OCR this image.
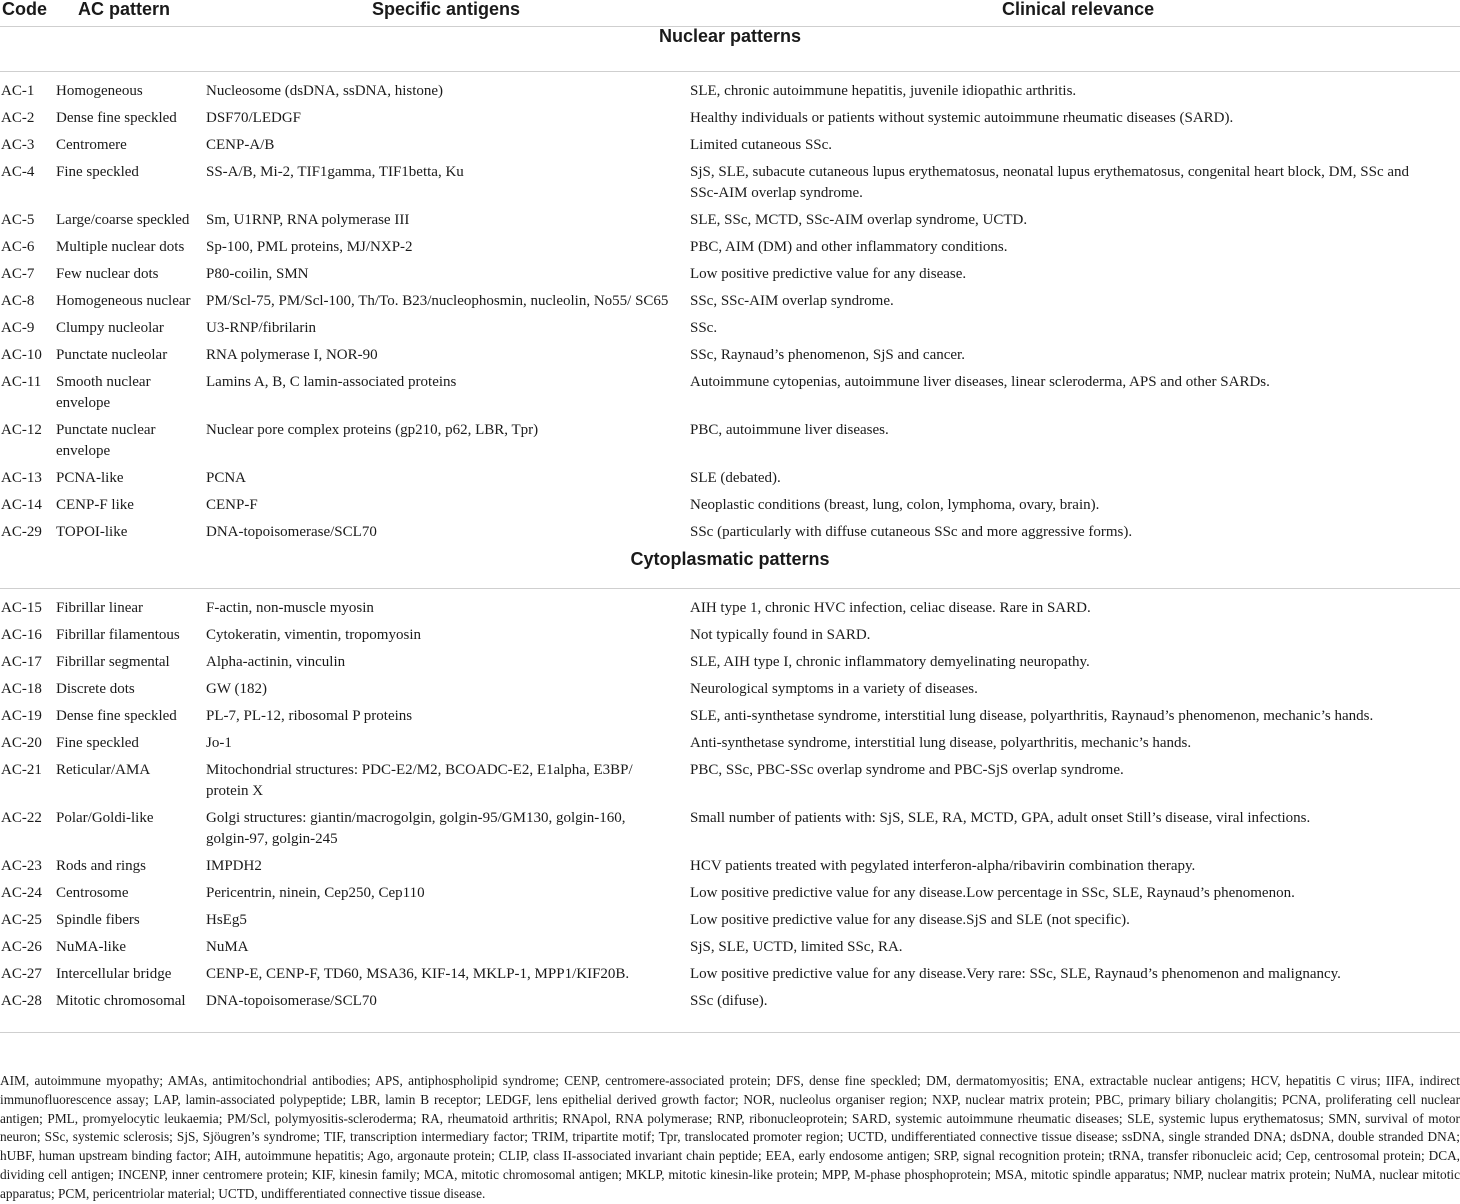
Code	AC pattern	Specific antigens	Clinical relevance
Nuclear patterns			
AC-1	Homogeneous	Nucleosome (dsDNA, ssDNA, histone)	SLE, chronic autoimmune hepatitis, juvenile idiopathic arthritis.
AC-2	Dense fine speckled	DSF70/LEDGF	Healthy individuals or patients without systemic autoimmune rheumatic diseases (SARD).
AC-3	Centromere	CENP-A/B	Limited cutaneous SSc.
AC-4	Fine speckled	SS-A/B, Mi-2, TIF1gamma, TIF1betta, Ku	SjS, SLE, subacute cutaneous lupus erythematosus, neonatal lupus erythematosus, congenital heart block, DM, SSc and SSc-AIM overlap syndrome.
AC-5	Large/coarse speckled	Sm, U1RNP, RNA polymerase III	SLE, SSc, MCTD, SSc-AIM overlap syndrome, UCTD.
AC-6	Multiple nuclear dots	Sp-100, PML proteins, MJ/NXP-2	PBC, AIM (DM) and other inflammatory conditions.
AC-7	Few nuclear dots	P80-coilin, SMN	Low positive predictive value for any disease.
AC-8	Homogeneous nuclear	PM/Scl-75, PM/Scl-100, Th/To. B23/nucleophosmin, nucleolin, No55/ SC65	SSc, SSc-AIM overlap syndrome.
AC-9	Clumpy nucleolar	U3-RNP/fibrilarin	SSc.
AC-10	Punctate nucleolar	RNA polymerase I, NOR-90	SSc, Raynaud’s phenomenon, SjS and cancer.
AC-11	Smooth nuclear envelope	Lamins A, B, C lamin-associated proteins	Autoimmune cytopenias, autoimmune liver diseases, linear scleroderma, APS and other SARDs.
AC-12	Punctate nuclear envelope	Nuclear pore complex proteins (gp210, p62, LBR, Tpr)	PBC, autoimmune liver diseases.
AC-13	PCNA-like	PCNA	SLE (debated).
AC-14	CENP-F like	CENP-F	Neoplastic conditions (breast, lung, colon, lymphoma, ovary, brain).
AC-29	TOPOI-like	DNA-topoisomerase/SCL70	SSc (particularly with diffuse cutaneous SSc and more aggressive forms).
Cytoplasmatic patterns			
AC-15	Fibrillar linear	F-actin, non-muscle myosin	AIH type 1, chronic HVC infection, celiac disease. Rare in SARD.
AC-16	Fibrillar filamentous	Cytokeratin, vimentin, tropomyosin	Not typically found in SARD.
AC-17	Fibrillar segmental	Alpha-actinin, vinculin	SLE, AIH type I, chronic inflammatory demyelinating neuropathy.
AC-18	Discrete dots	GW (182)	Neurological symptoms in a variety of diseases.
AC-19	Dense fine speckled	PL-7, PL-12, ribosomal P proteins	SLE, anti-synthetase syndrome, interstitial lung disease, polyarthritis, Raynaud’s phenomenon, mechanic’s hands.
AC-20	Fine speckled	Jo-1	Anti-synthetase syndrome, interstitial lung disease, polyarthritis, mechanic’s hands.
AC-21	Reticular/AMA	Mitochondrial structures: PDC-E2/M2, BCOADC-E2, E1alpha, E3BP/ protein X	PBC, SSc, PBC-SSc overlap syndrome and PBC-SjS overlap syndrome.
AC-22	Polar/Goldi-like	Golgi structures: giantin/macrogolgin, golgin-95/GM130, golgin-160, golgin-97, golgin-245	Small number of patients with: SjS, SLE, RA, MCTD, GPA, adult onset Still’s disease, viral infections.
AC-23	Rods and rings	IMPDH2	HCV patients treated with pegylated interferon-alpha/ribavirin combination therapy.
AC-24	Centrosome	Pericentrin, ninein, Cep250, Cep110	Low positive predictive value for any disease.Low percentage in SSc, SLE, Raynaud’s phenomenon.
AC-25	Spindle fibers	HsEg5	Low positive predictive value for any disease.SjS and SLE (not specific).
AC-26	NuMA-like	NuMA	SjS, SLE, UCTD, limited SSc, RA.
AC-27	Intercellular bridge	CENP-E, CENP-F, TD60, MSA36, KIF-14, MKLP-1, MPP1/KIF20B.	Low positive predictive value for any disease.Very rare: SSc, SLE, Raynaud’s phenomenon and malignancy.
AC-28	Mitotic chromosomal	DNA-topoisomerase/SCL70	SSc (difuse).
AIM, autoimmune myopathy; AMAs, antimitochondrial antibodies; APS, antiphospholipid syndrome; CENP, centromere-associated protein; DFS, dense fine speckled; DM, dermatomyositis; ENA, extractable nuclear antigens; HCV, hepatitis C virus; IIFA, indirect immunofluorescence assay; LAP, lamin-associated polypeptide; LBR, lamin B receptor; LEDGF, lens epithelial derived growth factor; NOR, nucleolus organiser region; NXP, nuclear matrix protein; PBC, primary biliary cholangitis; PCNA, proliferating cell nuclear antigen; PML, promyelocytic leukaemia; PM/Scl, polymyositis-scleroderma; RA, rheumatoid arthritis; RNApol, RNA polymerase; RNP, ribonucleoprotein; SARD, systemic autoimmune rheumatic diseases; SLE, systemic lupus erythematosus; SMN, survival of motor neuron; SSc, systemic sclerosis; SjS, Sjöugren’s syndrome; TIF, transcription intermediary factor; TRIM, tripartite motif; Tpr, translocated promoter region; UCTD, undifferentiated connective tissue disease; ssDNA, single stranded DNA; dsDNA, double stranded DNA; hUBF, human upstream binding factor; AIH, autoimmune hepatitis; Ago, argonaute protein; CLIP, class II-associated invariant chain peptide; EEA, early endosome antigen; SRP, signal recognition protein; tRNA, transfer ribonucleic acid; Cep, centrosomal protein; DCA, dividing cell antigen; INCENP, inner centromere protein; KIF, kinesin family; MCA, mitotic chromosomal antigen; MKLP, mitotic kinesin-like protein; MPP, M-phase phosphoprotein; MSA, mitotic spindle apparatus; NMP, nuclear matrix protein; NuMA, nuclear mitotic apparatus; PCM, pericentriolar material; UCTD, undifferentiated connective tissue disease.
